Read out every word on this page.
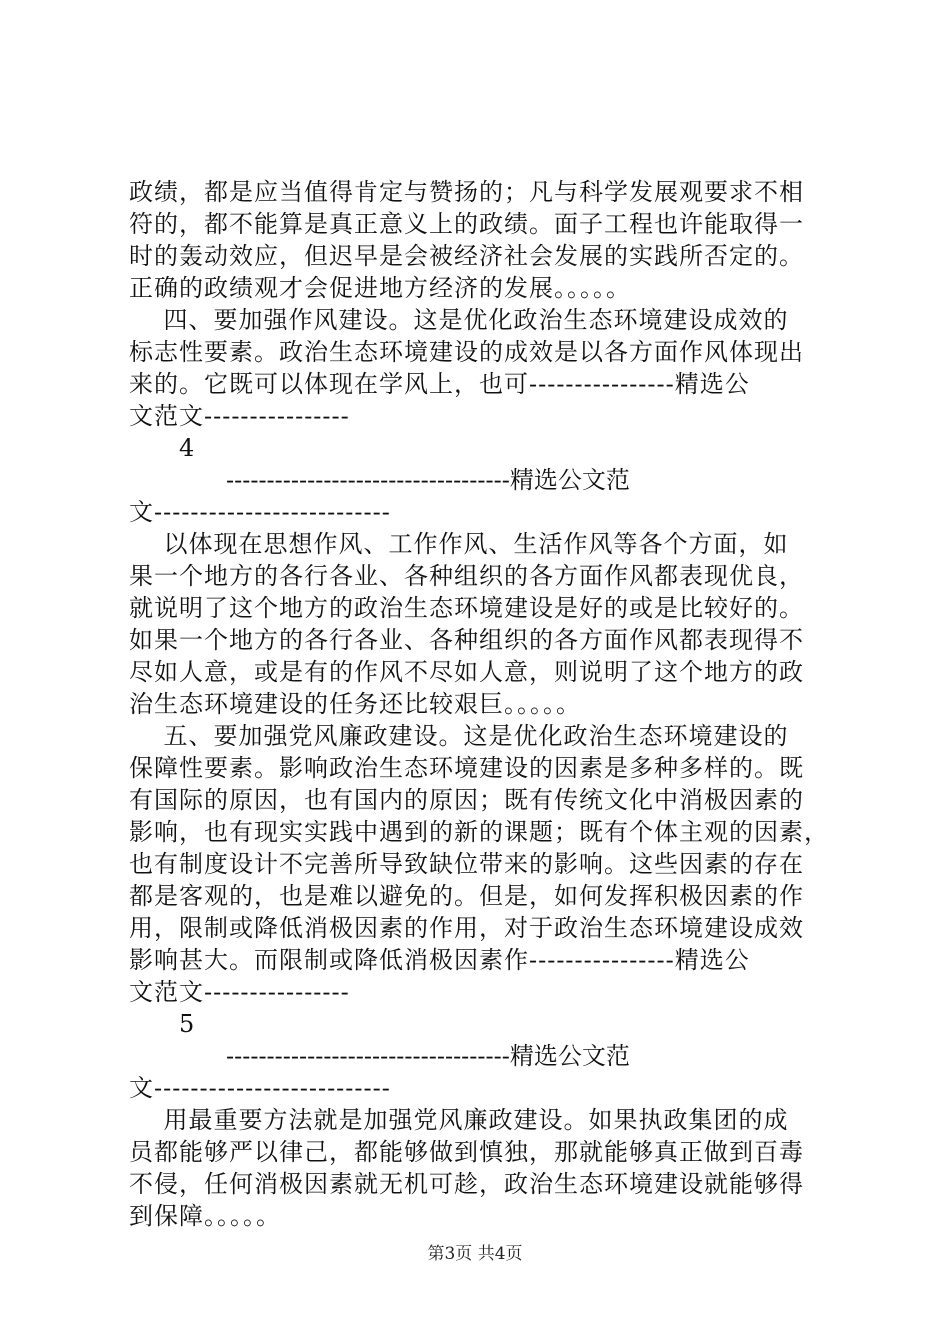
政绩，都是应当值得肯定与赞扬的；凡与科学发展观要求不相
符的，都不能算是真正意义上的政绩。面子工程也许能取得一
时的轰动效应，但迟早是会被经济社会发展的实践所否定的。
正确的政绩观才会促进地方经济的发展。。。。。
四、要加强作风建设。这是优化政治生态环境建设成效的
标志性要素。政治生态环境建设的成效是以各方面作风体现出
来的。它既可以体现在学风上，也可----------------精选公
文范文----------------
4
-----------------------------------精选公文范
文--------------------------
以体现在思想作风、工作作风、生活作风等各个方面，如
果一个地方的各行各业、各种组织的各方面作风都表现优良，
就说明了这个地方的政治生态环境建设是好的或是比较好的。
如果一个地方的各行各业、各种组织的各方面作风都表现得不
尽如人意，或是有的作风不尽如人意，则说明了这个地方的政
治生态环境建设的任务还比较艰巨。。。。。
五、要加强党风廉政建设。这是优化政治生态环境建设的
保障性要素。影响政治生态环境建设的因素是多种多样的。既
有国际的原因，也有国内的原因；既有传统文化中消极因素的
影响，也有现实实践中遇到的新的课题；既有个体主观的因素，
也有制度设计不完善所导致缺位带来的影响。这些因素的存在
都是客观的，也是难以避免的。但是，如何发挥积极因素的作
用，限制或降低消极因素的作用，对于政治生态环境建设成效
影响甚大。而限制或降低消极因素作----------------精选公
文范文----------------
5
-----------------------------------精选公文范
文--------------------------
用最重要方法就是加强党风廉政建设。如果执政集团的成
员都能够严以律己，都能够做到慎独，那就能够真正做到百毒
不侵，任何消极因素就无机可趁，政治生态环境建设就能够得
到保障。。。。。
第3页 共4页
